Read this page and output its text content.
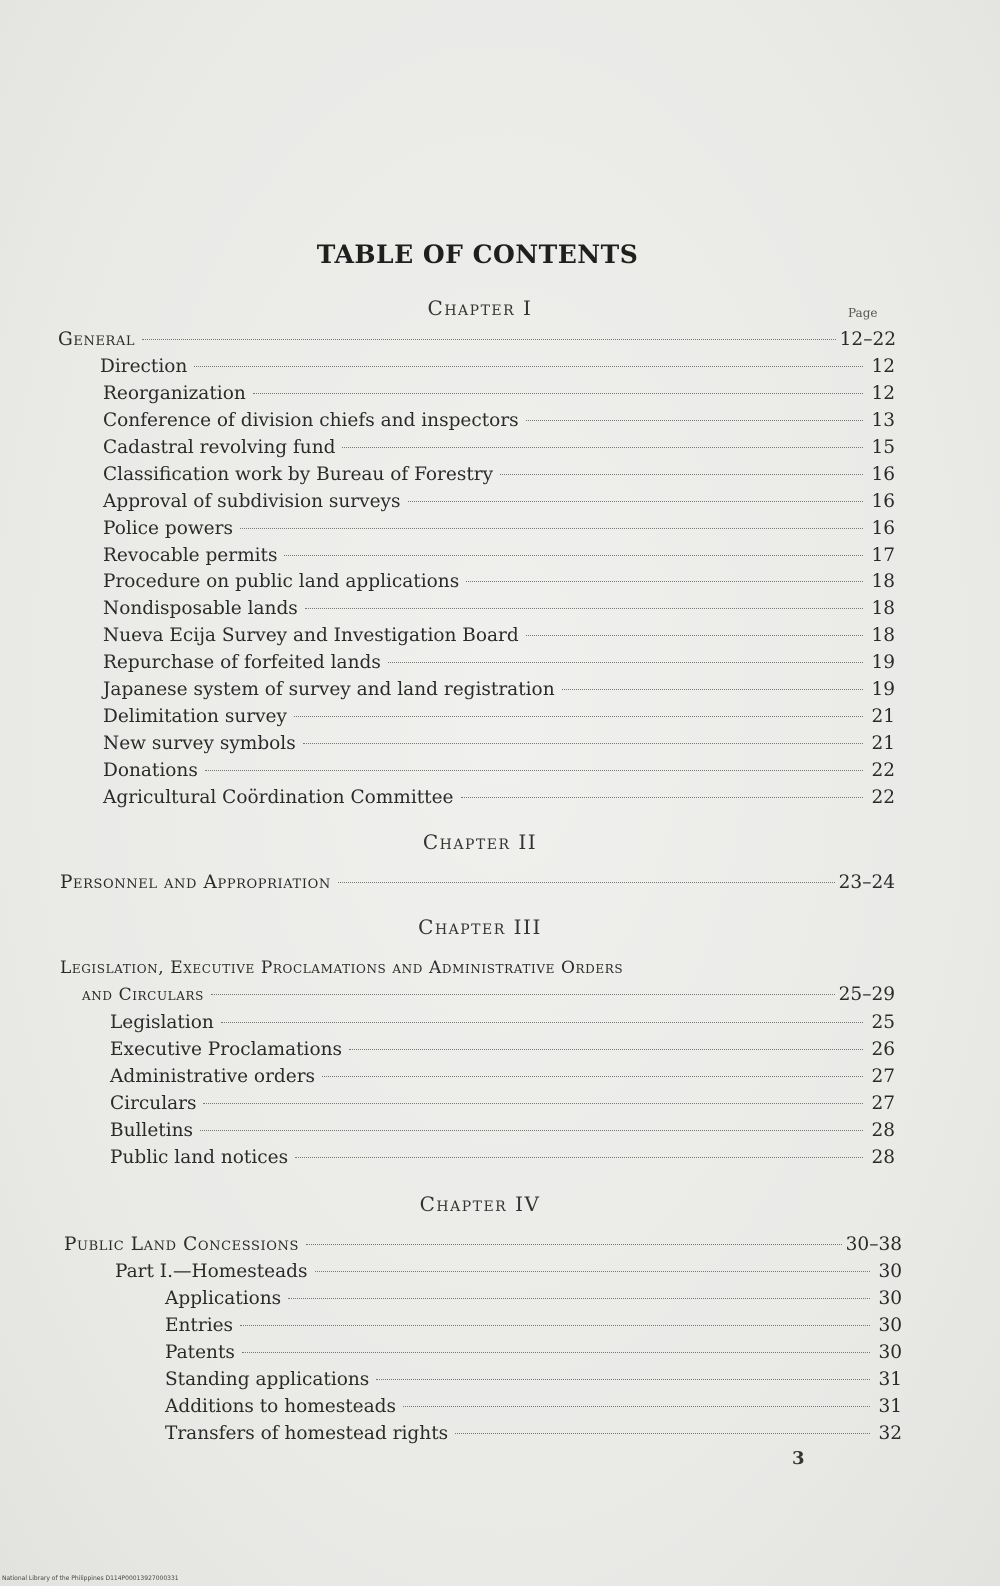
TABLE OF CONTENTS
Chapter I	Page
General	12–22
Direction	12
Reorganization	12
Conference of division chiefs and inspectors	13
Cadastral revolving fund	15
Classification work by Bureau of Forestry	16
Approval of subdivision surveys	16
Police powers	16
Revocable permits	17
Procedure on public land applications	18
Nondisposable lands	18
Nueva Ecija Survey and Investigation Board	18
Repurchase of forfeited lands	19
Japanese system of survey and land registration	19
Delimitation survey	21
New survey symbols	21
Donations	22
Agricultural Coördination Committee	22
Chapter II
Personnel and Appropriation	23–24
Chapter III
Legislation, Executive Proclamations and Administrative Orders
and Circulars	25–29
Legislation	25
Executive Proclamations	26
Administrative orders	27
Circulars	27
Bulletins	28
Public land notices	28
Chapter IV
Public Land Concessions	30–38
Part I.—Homesteads	30
Applications	30
Entries	30
Patents	30
Standing applications	31
Additions to homesteads	31
Transfers of homestead rights	32
3
National Library of the Philippines D114P00013927000331
